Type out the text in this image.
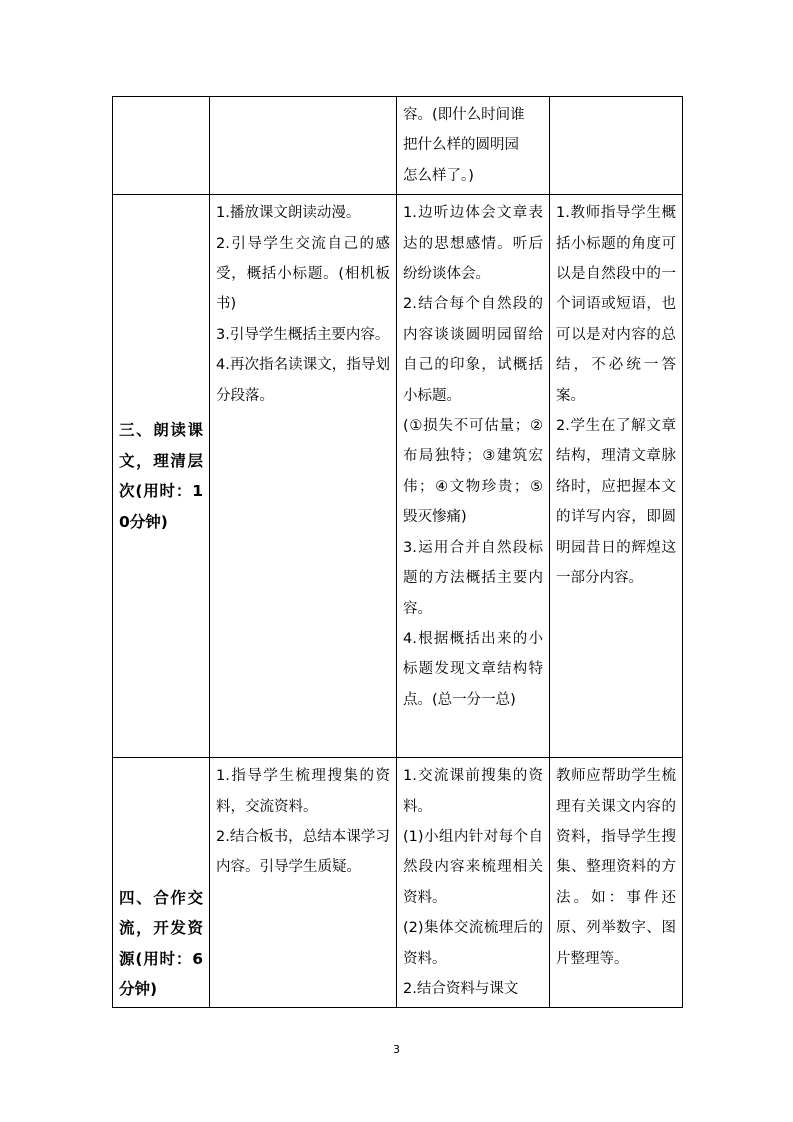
		容。(即什么时间谁
把什么样的圆明园
怎么样了。)	

三、朗读课文，理清层次(用时：10分钟)	1.播放课文朗读动漫。
2.引导学生交流自己的感受，概括小标题。(相机板书)
3.引导学生概括主要内容。
4.再次指名读课文，指导划分段落。	1.边听边体会文章表达的思想感情。听后纷纷谈体会。
2.结合每个自然段的内容谈谈圆明园留给自己的印象，试概括小标题。
(①损失不可估量；②布局独特；③建筑宏伟；④文物珍贵；⑤毁灭惨痛)
3.运用合并自然段标题的方法概括主要内容。
4.根据概括出来的小标题发现文章结构特点。(总一分一总)	1.教师指导学生概括小标题的角度可以是自然段中的一个词语或短语，也可以是对内容的总结，不必统一答案。
2.学生在了解文章结构，理清文章脉络时，应把握本文的详写内容，即圆明园昔日的辉煌这一部分内容。

四、合作交流，开发资源(用时：6分钟)	1.指导学生梳理搜集的资料，交流资料。
2.结合板书，总结本课学习内容。引导学生质疑。	1.交流课前搜集的资料。
(1)小组内针对每个自然段内容来梳理相关资料。
(2)集体交流梳理后的资料。
2.结合资料与课文	教师应帮助学生梳理有关课文内容的资料，指导学生搜集、整理资料的方法。如：事件还原、列举数字、图片整理等。
3
